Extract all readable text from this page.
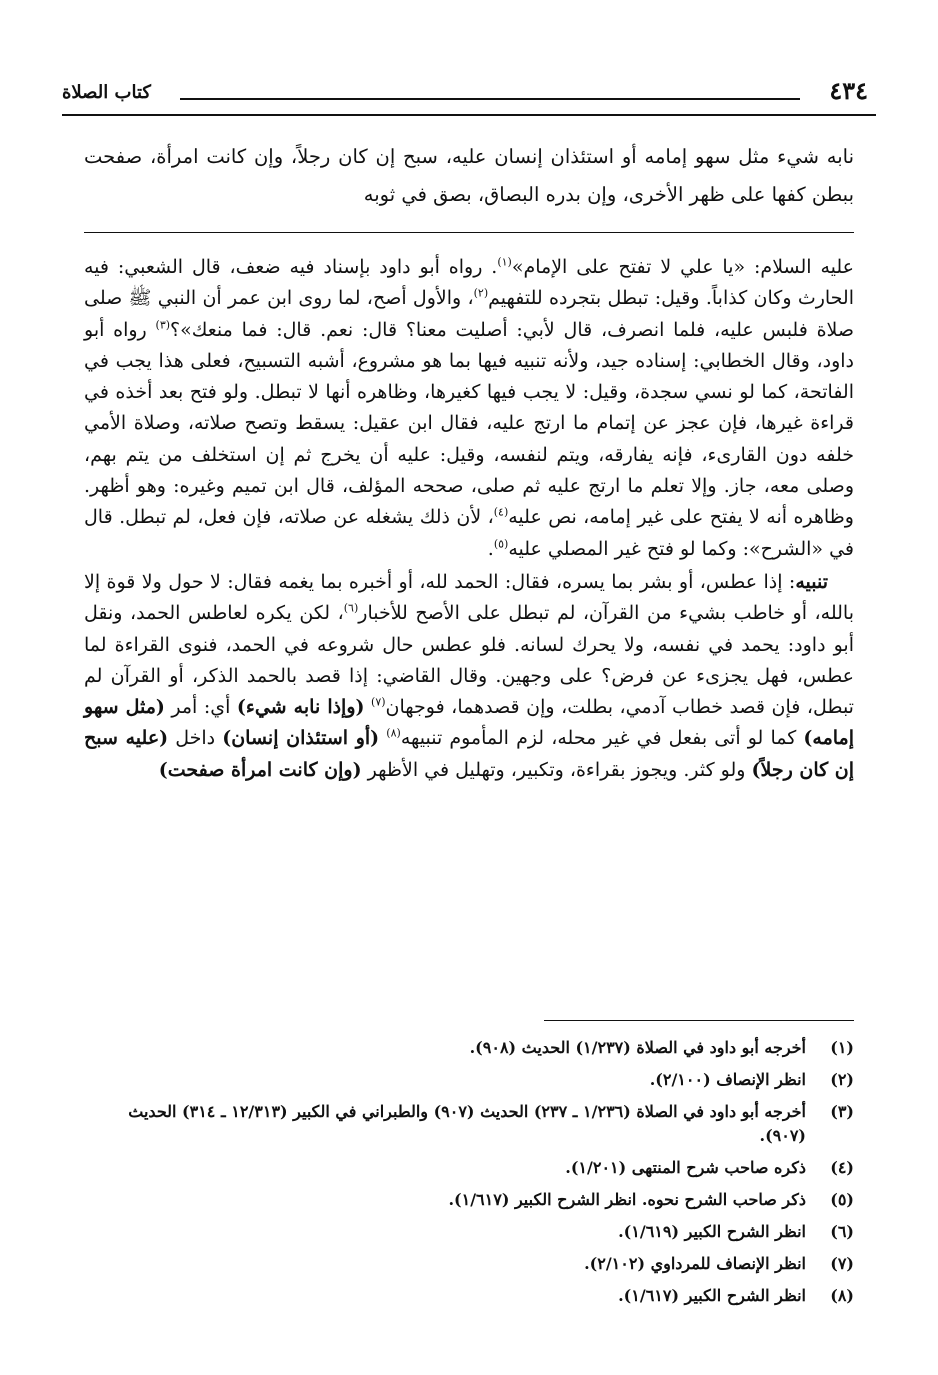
٤٣٤
كتاب الصلاة
نابه شيء مثل سهو إمامه أو استئذان إنسان عليه، سبح إن كان رجلاً، وإن كانت امرأة، صفحت ببطن كفها على ظهر الأخرى، وإن بدره البصاق، بصق في ثوبه

عليه السلام: «يا علي لا تفتح على الإمام»$^{(١)}$. رواه أبو داود بإسناد فيه ضعف، قال الشعبي: فيه الحارث وكان كذاباً. وقيل: تبطل بتجرده للتفهيم$^{(٢)}$، والأول أصح، لما روى ابن عمر أن النبي ﷺ صلى صلاة فلبس عليه، فلما انصرف، قال لأبي: أصليت معنا؟ قال: نعم. قال: فما منعك»؟$^{(٣)}$ رواه أبو داود، وقال الخطابي: إسناده جيد، ولأنه تنبيه فيها بما هو مشروع، أشبه التسبيح، فعلى هذا يجب في الفاتحة، كما لو نسي سجدة، وقيل: لا يجب فيها كغيرها، وظاهره أنها لا تبطل. ولو فتح بعد أخذه في قراءة غيرها، فإن عجز عن إتمام ما ارتج عليه، فقال ابن عقيل: يسقط وتصح صلاته، وصلاة الأمي خلفه دون القارىء، فإنه يفارقه، ويتم لنفسه، وقيل: عليه أن يخرج ثم إن استخلف من يتم بهم، وصلى معه، جاز. وإلا تعلم ما ارتج عليه ثم صلى، صححه المؤلف، قال ابن تميم وغيره: وهو أظهر. وظاهره أنه لا يفتح على غير إمامه، نص عليه$^{(٤)}$، لأن ذلك يشغله عن صلاته، فإن فعل، لم تبطل. قال في «الشرح»: وكما لو فتح غير المصلي عليه$^{(٥)}$.

تنبيه: إذا عطس، أو بشر بما يسره، فقال: الحمد لله، أو أخبره بما يغمه فقال: لا حول ولا قوة إلا بالله، أو خاطب بشيء من القرآن، لم تبطل على الأصح للأخبار$^{(٦)}$، لكن يكره لعاطس الحمد، ونقل أبو داود: يحمد في نفسه، ولا يحرك لسانه. فلو عطس حال شروعه في الحمد، فنوى القراءة لما عطس، فهل يجزىء عن فرض؟ على وجهين. وقال القاضي: إذا قصد بالحمد الذكر، أو القرآن لم تبطل، فإن قصد خطاب آدمي، بطلت، وإن قصدهما، فوجهان$^{(٧)}$ (وإذا نابه شيء) أي: أمر (مثل سهو إمامه) كما لو أتى بفعل في غير محله، لزم المأموم تنبيهه$^{(٨)}$ (أو استئذان إنسان) داخل (عليه سبح إن كان رجلاً) ولو كثر. ويجوز بقراءة، وتكبير، وتهليل في الأظهر (وإن كانت امرأة صفحت)

(١)
أخرجه أبو داود في الصلاة (١/٢٣٧) الحديث (٩٠٨).
(٢)
انظر الإنصاف (٢/١٠٠).
(٣)
أخرجه أبو داود في الصلاة (١/٢٣٦ ـ ٢٣٧) الحديث (٩٠٧) والطبراني في الكبير (١٢/٣١٣ ـ ٣١٤) الحديث (٩٠٧).
(٤)
ذكره صاحب شرح المنتهى (١/٢٠١).
(٥)
ذكر صاحب الشرح نحوه. انظر الشرح الكبير (١/٦١٧).
(٦)
انظر الشرح الكبير (١/٦١٩).
(٧)
انظر الإنصاف للمرداوي (٢/١٠٢).
(٨)
انظر الشرح الكبير (١/٦١٧).
